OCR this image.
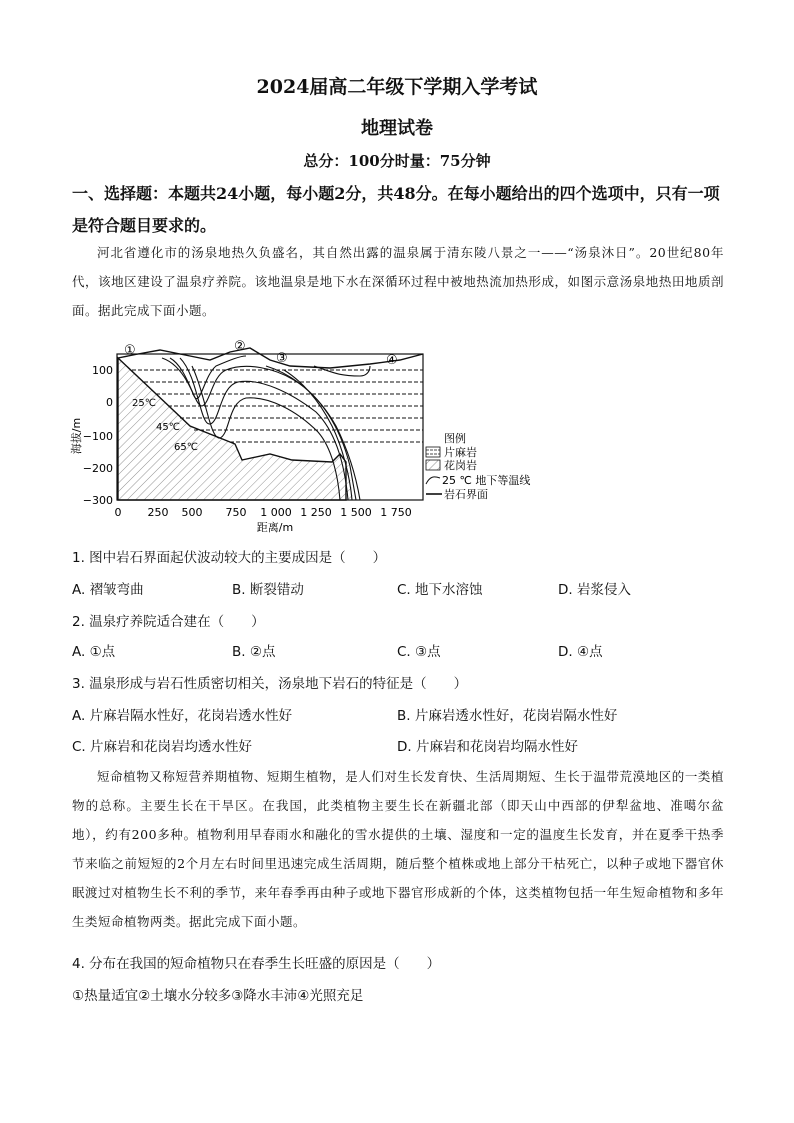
2024届高二年级下学期入学考试
地理试卷
总分：100分时量：75分钟
一、选择题：本题共24小题，每小题2分，共48分。在每小题给出的四个选项中，只有一项是符合题目要求的。
河北省遵化市的汤泉地热久负盛名，其自然出露的温泉属于清东陵八景之一——“汤泉沐日”。20世纪80年代，该地区建设了温泉疗养院。该地温泉是地下水在深循环过程中被地热流加热形成，如图示意汤泉地热田地质剖面。据此完成下面小题。
海拔/m
25℃
45℃
65℃
①	②
③	④
100
0
−100
−200
−300
0 250 500 750 1 000 1 250 1 500 1 750
距离/m
图例
片麻岩
花岗岩
25 ℃ 地下等温线
岩石界面
1. 图中岩石界面起伏波动较大的主要成因是（　　）
A. 褶皱弯曲	B. 断裂错动	C. 地下水溶蚀	D. 岩浆侵入
2. 温泉疗养院适合建在（　　）
A. ①点	B. ②点	C. ③点	D. ④点
3. 温泉形成与岩石性质密切相关，汤泉地下岩石的特征是（　　）
A. 片麻岩隔水性好，花岗岩透水性好	B. 片麻岩透水性好，花岗岩隔水性好
C. 片麻岩和花岗岩均透水性好	D. 片麻岩和花岗岩均隔水性好
短命植物又称短营养期植物、短期生植物，是人们对生长发育快、生活周期短、生长于温带荒漠地区的一类植物的总称。主要生长在干旱区。在我国，此类植物主要生长在新疆北部（即天山中西部的伊犁盆地、准噶尔盆地），约有200多种。植物利用早春雨水和融化的雪水提供的土壤、湿度和一定的温度生长发育，并在夏季干热季节来临之前短短的2个月左右时间里迅速完成生活周期，随后整个植株或地上部分干枯死亡，以种子或地下器官休眠渡过对植物生长不利的季节，来年春季再由种子或地下器官形成新的个体，这类植物包括一年生短命植物和多年生类短命植物两类。据此完成下面小题。
4. 分布在我国的短命植物只在春季生长旺盛的原因是（　　）
①热量适宜②土壤水分较多③降水丰沛④光照充足
